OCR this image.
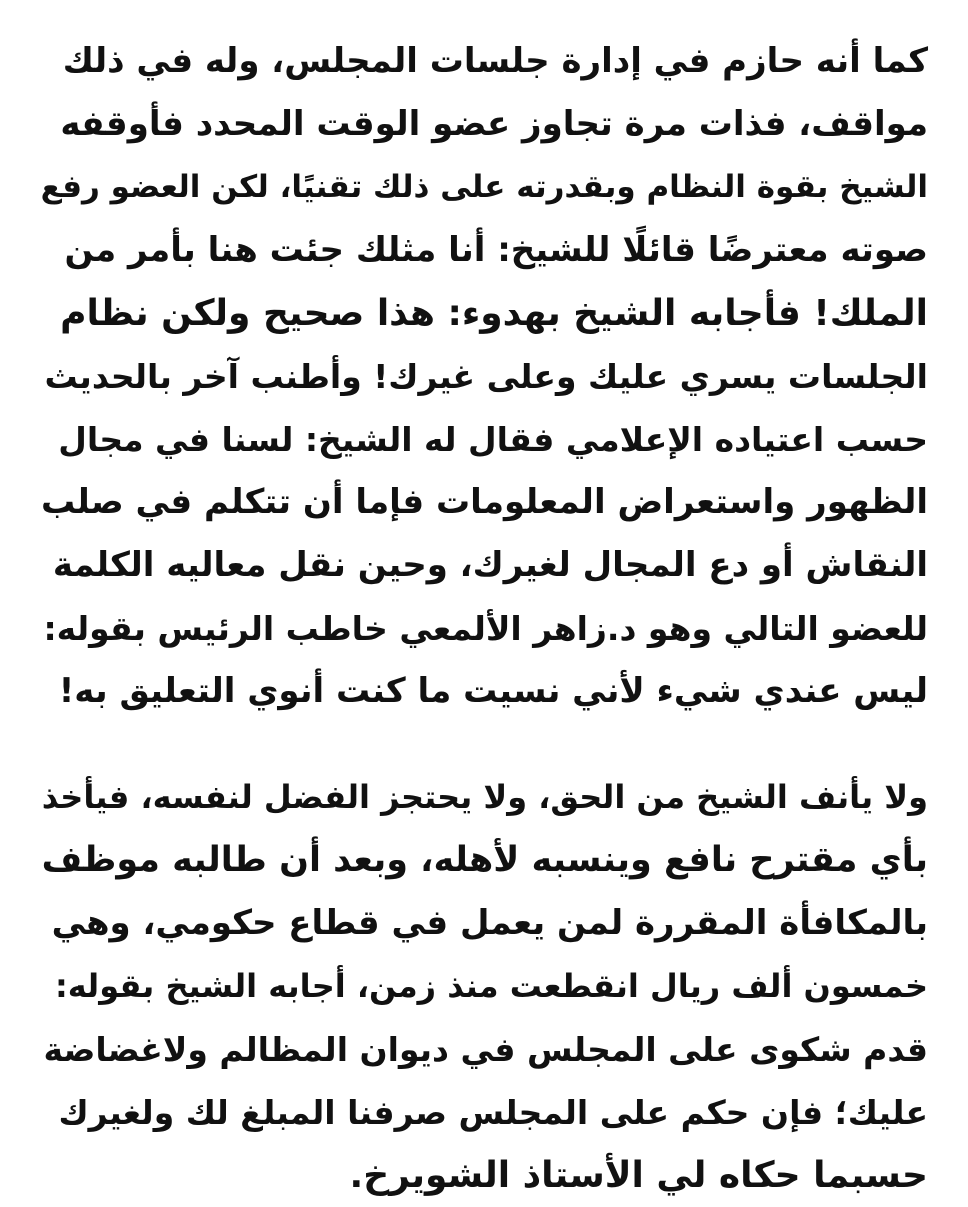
كما أنه حازم في إدارة جلسات المجلس، وله في ذلك
مواقف، فذات مرة تجاوز عضو الوقت المحدد فأوقفه
الشيخ بقوة النظام وبقدرته على ذلك تقنيًا، لكن العضو رفع
صوته معترضًا قائلًا للشيخ: أنا مثلك جئت هنا بأمر من
الملك! فأجابه الشيخ بهدوء: هذا صحيح ولكن نظام
الجلسات يسري عليك وعلى غيرك! وأطنب آخر بالحديث
حسب اعتياده الإعلامي فقال له الشيخ: لسنا في مجال
الظهور واستعراض المعلومات فإما أن تتكلم في صلب
النقاش أو دع المجال لغيرك، وحين نقل معاليه الكلمة
للعضو التالي وهو د.زاهر الألمعي خاطب الرئيس بقوله:
ليس عندي شيء لأني نسيت ما كنت أنوي التعليق به!
ولا يأنف الشيخ من الحق، ولا يحتجز الفضل لنفسه، فيأخذ
بأي مقترح نافع وينسبه لأهله، وبعد أن طالبه موظف
بالمكافأة المقررة لمن يعمل في قطاع حكومي، وهي
خمسون ألف ريال انقطعت منذ زمن، أجابه الشيخ بقوله:
قدم شكوى على المجلس في ديوان المظالم ولاغضاضة
عليك؛ فإن حكم على المجلس صرفنا المبلغ لك ولغيرك
حسبما حكاه لي الأستاذ الشويرخ.
